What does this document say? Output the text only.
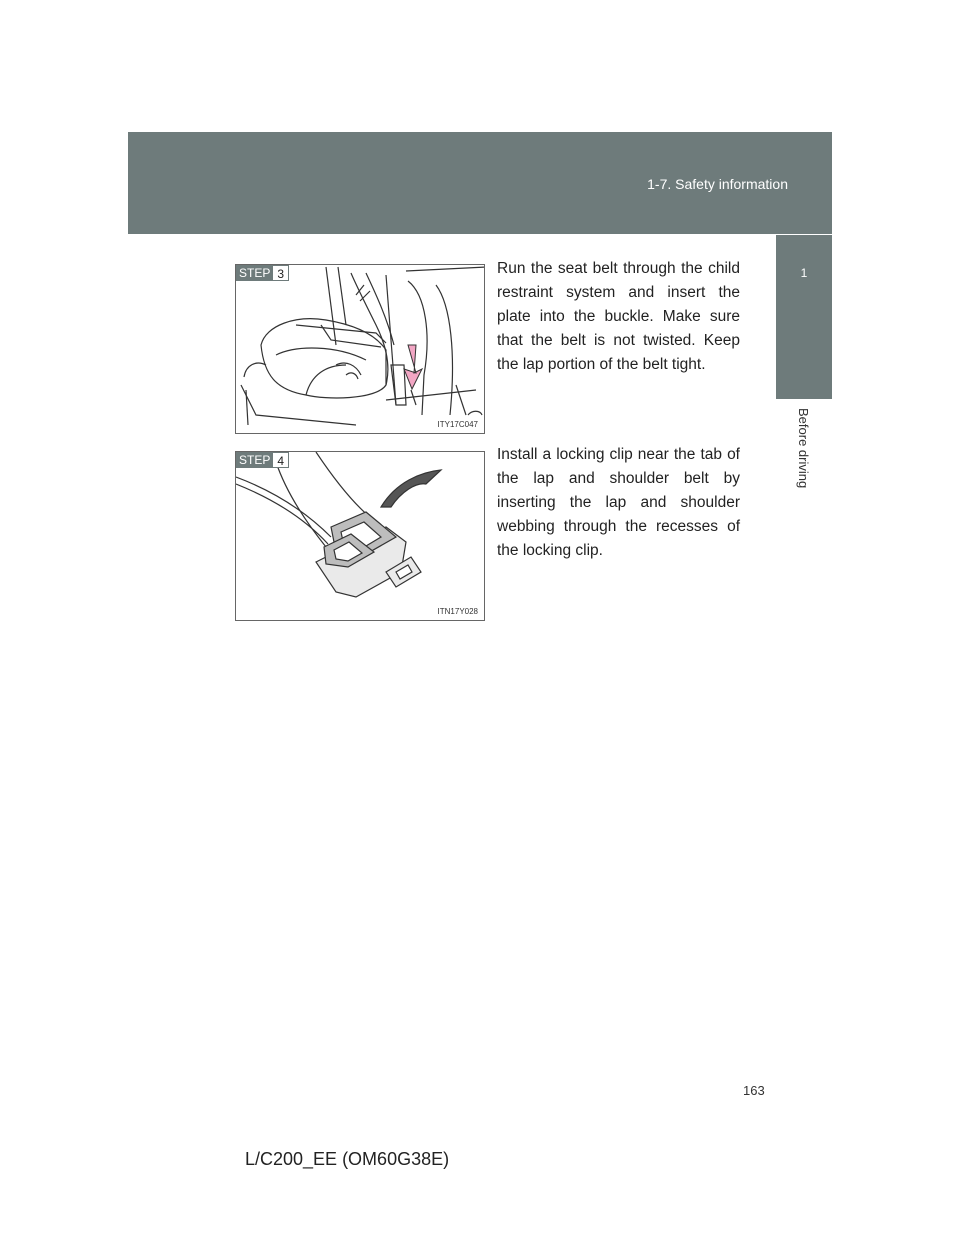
1-7. Safety information
1
Before driving
STEP 3
ITY17C047
Run the seat belt through the child restraint system and insert the plate into the buckle. Make sure that the belt is not twisted. Keep the lap portion of the belt tight.
STEP 4
ITN17Y028
Install a locking clip near the tab of the lap and shoulder belt by inserting the lap and shoulder webbing through the recesses of the locking clip.
163
L/C200_EE (OM60G38E)
